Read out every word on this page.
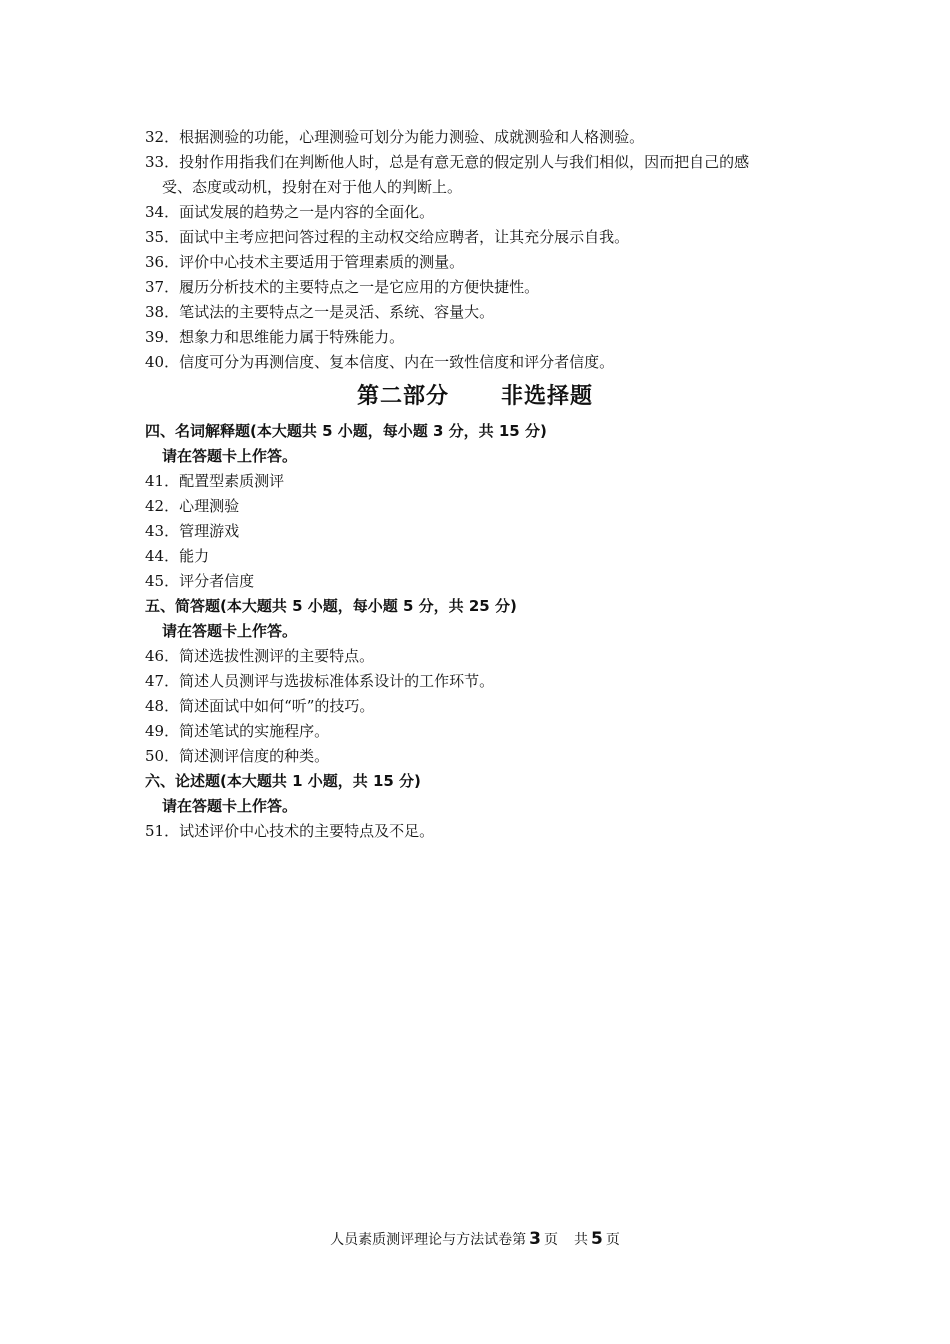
32．根据测验的功能，心理测验可划分为能力测验、成就测验和人格测验。
33．投射作用指我们在判断他人时，总是有意无意的假定别人与我们相似，因而把自己的感
受、态度或动机，投射在对于他人的判断上。
34．面试发展的趋势之一是内容的全面化。
35．面试中主考应把问答过程的主动权交给应聘者，让其充分展示自我。
36．评价中心技术主要适用于管理素质的测量。
37．履历分析技术的主要特点之一是它应用的方便快捷性。
38．笔试法的主要特点之一是灵活、系统、容量大。
39．想象力和思维能力属于特殊能力。
40．信度可分为再测信度、复本信度、内在一致性信度和评分者信度。
第二部分 非选择题
四、名词解释题(本大题共 5 小题，每小题 3 分，共 15 分)
请在答题卡上作答。
41．配置型素质测评
42．心理测验
43．管理游戏
44．能力
45．评分者信度
五、简答题(本大题共 5 小题，每小题 5 分，共 25 分)
请在答题卡上作答。
46．简述选拔性测评的主要特点。
47．简述人员测评与选拔标准体系设计的工作环节。
48．简述面试中如何“听”的技巧。
49．简述笔试的实施程序。
50．简述测评信度的种类。
六、论述题(本大题共 1 小题，共 15 分)
请在答题卡上作答。
51．试述评价中心技术的主要特点及不足。
人员素质测评理论与方法试卷第 3 页 共 5 页
